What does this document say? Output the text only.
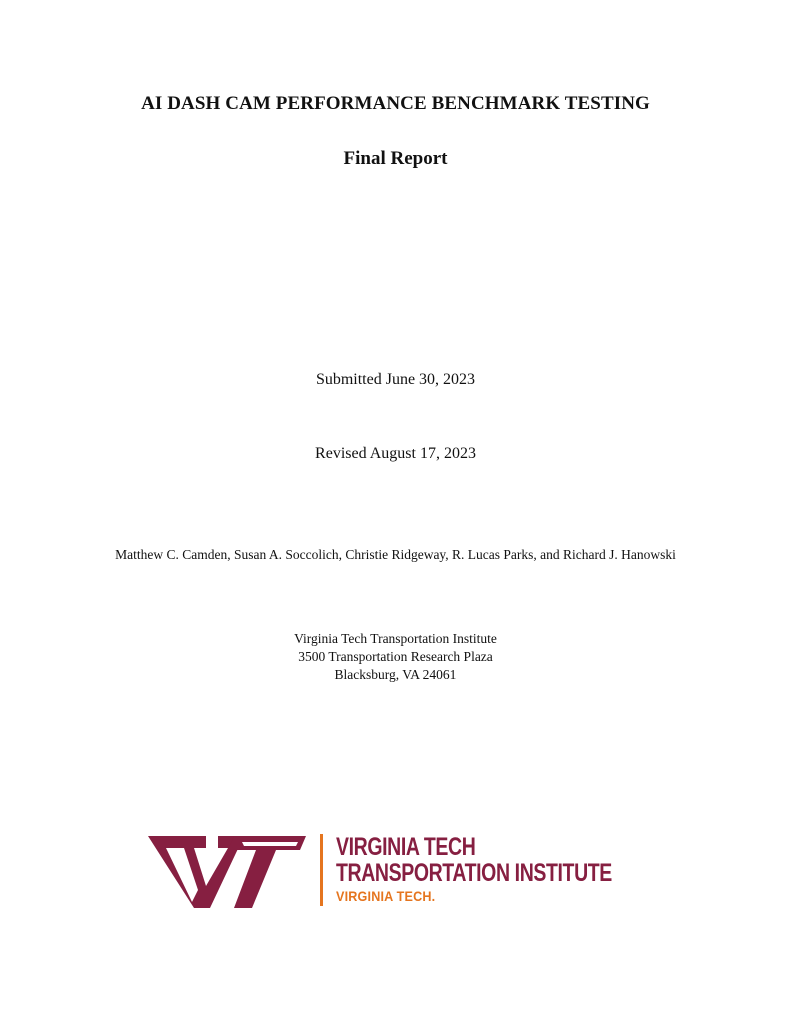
AI DASH CAM PERFORMANCE BENCHMARK TESTING
Final Report
Submitted June 30, 2023
Revised August 17, 2023
Matthew C. Camden, Susan A. Soccolich, Christie Ridgeway, R. Lucas Parks, and Richard J. Hanowski
Virginia Tech Transportation Institute
3500 Transportation Research Plaza
Blacksburg, VA 24061
VIRGINIA TECH
TRANSPORTATION INSTITUTE
VIRGINIA TECH.
